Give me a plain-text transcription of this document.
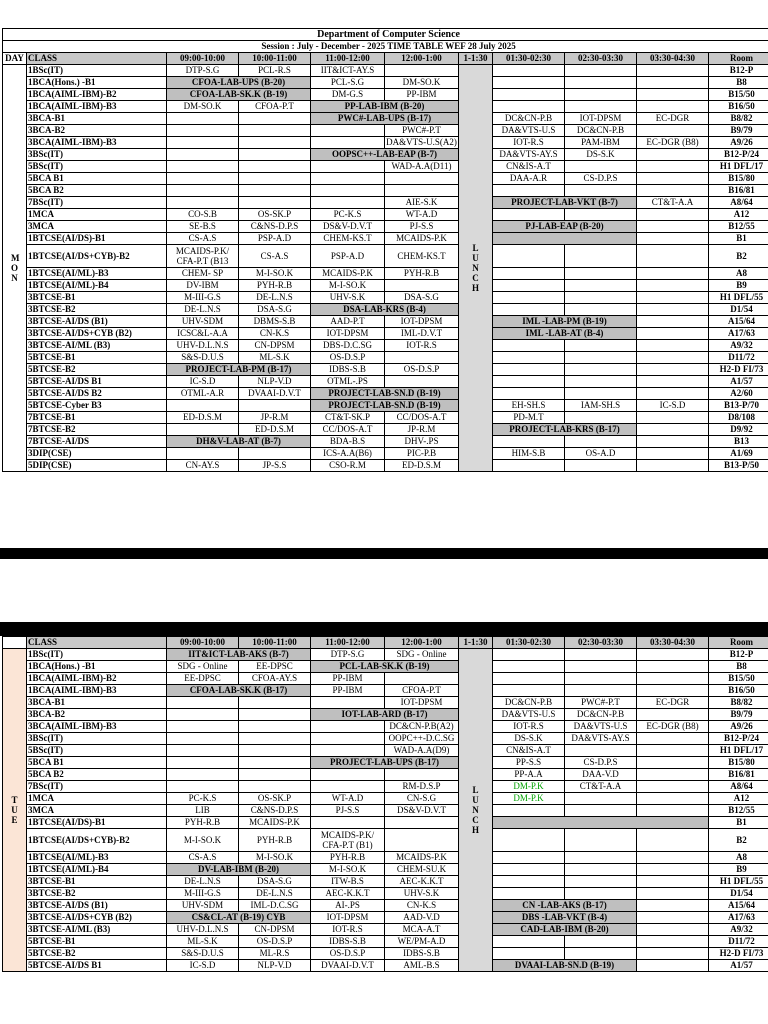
Department of Computer Science										
Session : July - December - 2025 TIME TABLE WEF 28 July 2025										
DAY	CLASS	09:00-10:00	10:00-11:00	11:00-12:00	12:00-1:00	1-1:30	01:30-02:30	02:30-03:30	03:30-04:30	Room

MON	1BSc(IT)	DTP-S.G	PCL-R.S	IIT&ICT-AY.S		LUNCH				B12-P
	1BCA(Hons.) -B1	CFOA-LAB-UPS (B-20)		PCL-S.G	DM-SO.K					B8
	1BCA(AIML-IBM)-B2	CFOA-LAB-SK.K (B-19)		DM-G.S	PP-IBM					B15/50
	1BCA(AIML-IBM)-B3	DM-SO.K	CFOA-P.T	PP-LAB-IBM (B-20)						B16/50
	3BCA-B1			PWC#-LAB-UPS (B-17)			DC&CN-P.B	IOT-DPSM	EC-DGR	B8/82
	3BCA-B2				PWC#-P.T		DA&VTS-U.S	DC&CN-P.B		B9/79
	3BCA(AIML-IBM)-B3				DA&VTS-U.S(A2)		IOT-R.S	PAM-IBM	EC-DGR (B8)	A9/26
	3BSc(IT)			OOPSC++-LAB-EAP (B-7)			DA&VTS-AY.S	DS-S.K		B12-P/24
	5BSc(IT)				WAD-A.A(D11)		CN&IS-A.T			H1 DFL/17
	5BCA B1						DAA-A.R	CS-D.P.S		B15/80
	5BCA B2									B16/81
	7BSc(IT)				AIE-S.K		PROJECT-LAB-VKT (B-7)		CT&T-A.A	A8/64
	1MCA	CO-S.B	OS-SK.P	PC-K.S	WT-A.D					A12
	3MCA	SE-B.S	C&NS-D.P.S	DS&V-D.V.T	PJ-S.S		PJ-LAB-EAP (B-20)			B12/55
	1BTCSE(AI/DS)-B1	CS-A.S	PSP-A.D	CHEM-KS.T	MCAIDS-P.K					B1
	1BTCSE(AI/DS+CYB)-B2	MCAIDS-P.K/ CFA-P.T (B13	CS-A.S	PSP-A.D	CHEM-KS.T					B2
	1BTCSE(AI/ML)-B3	CHEM- SP	M-I-SO.K	MCAIDS-P.K	PYH-R.B					A8
	1BTCSE(AI/ML)-B4	DV-IBM	PYH-R.B	M-I-SO.K						B9
	3BTCSE-B1	M-III-G.S	DE-L.N.S	UHV-S.K	DSA-S.G					H1 DFL/55
	3BTCSE-B2	DE-L.N.S	DSA-S.G	DSA-LAB-KRS (B-4)						D1/54
	3BTCSE-AI/DS (B1)	UHV-SDM	DBMS-S.B	AAD-P.T	IOT-DPSM		IML -LAB-PM (B-19)			A15/64
	3BTCSE-AI/DS+CYB (B2)	ICSC&L-A.A	CN-K.S	IOT-DPSM	IML-D.V.T		IML -LAB-AT (B-4)			A17/63
	3BTCSE-AI/ML (B3)	UHV-D.L.N.S	CN-DPSM	DBS-D.C.SG	IOT-R.S					A9/32
	5BTCSE-B1	S&S-D.U.S	ML-S.K	OS-D.S.P						D11/72
	5BTCSE-B2	PROJECT-LAB-PM (B-17)		IDBS-S.B	OS-D.S.P					H2-D FI/73
	5BTCSE-AI/DS B1	IC-S.D	NLP-V.D	OTML-.PS						A1/57
	5BTCSE-AI/DS B2	OTML-A.R	DVAAI-D.V.T	PROJECT-LAB-SN.D (B-19)						A2/60
	5BTCSE-Cyber B3			PROJECT-LAB-SN.D (B-19)			EH-SH.S	IAM-SH.S	IC-S.D	B13-P/70
	7BTCSE-B1	ED-D.S.M	JP-R.M	CT&T-SK.P	CC/DOS-A.T		PD-M.T			D8/108
	7BTCSE-B2		ED-D.S.M	CC/DOS-A.T	JP-R.M		PROJECT-LAB-KRS (B-17)			D9/92
	7BTCSE-AI/DS	DH&V-LAB-AT (B-7)		BDA-B.S	DHV-.PS					B13
	3DIP(CSE)			ICS-A.A(B6)	PIC-P.B		HIM-S.B	OS-A.D		A1/69
	5DIP(CSE)	CN-AY.S	JP-S.S	CSO-R.M	ED-D.S.M					B13-P/50
	CLASS	09:00-10:00	10:00-11:00	11:00-12:00	12:00-1:00	1-1:30	01:30-02:30	02:30-03:30	03:30-04:30	Room

TUE	1BSc(IT)	IIT&ICT-LAB-AKS (B-7)		DTP-S.G	SDG - Online	LUNCH				B12-P
	1BCA(Hons.) -B1	SDG - Online	EE-DPSC	PCL-LAB-SK.K (B-19)						B8
	1BCA(AIML-IBM)-B2	EE-DPSC	CFOA-AY.S	PP-IBM						B15/50
	1BCA(AIML-IBM)-B3	CFOA-LAB-SK.K (B-17)		PP-IBM	CFOA-P.T					B16/50
	3BCA-B1				IOT-DPSM		DC&CN-P.B	PWC#-P.T	EC-DGR	B8/82
	3BCA-B2			IOT-LAB-ARD (B-17)			DA&VTS-U.S	DC&CN-P.B		B9/79
	3BCA(AIML-IBM)-B3				DC&CN-P.B(A2)		IOT-R.S	DA&VTS-U.S	EC-DGR (B8)	A9/26
	3BSc(IT)				OOPC++-D.C.SG		DS-S.K	DA&VTS-AY.S		B12-P/24
	5BSc(IT)				WAD-A.A(D9)		CN&IS-A.T			H1 DFL/17
	5BCA B1			PROJECT-LAB-UPS (B-17)			PP-S.S	CS-D.P.S		B15/80
	5BCA B2						PP-A.A	DAA-V.D		B16/81
	7BSc(IT)				RM-D.S.P		DM-P.K	CT&T-A.A		A8/64
	1MCA	PC-K.S	OS-SK.P	WT-A.D	CN-S.G		DM-P.K			A12
	3MCA	LIB	C&NS-D.P.S	PJ-S.S	DS&V-D.V.T					B12/55
	1BTCSE(AI/DS)-B1	PYH-R.B	MCAIDS-P.K							B1
	1BTCSE(AI/DS+CYB)-B2	M-I-SO.K	PYH-R.B	MCAIDS-P.K/ CFA-P.T (B1)						B2
	1BTCSE(AI/ML)-B3	CS-A.S	M-I-SO.K	PYH-R.B	MCAIDS-P.K					A8
	1BTCSE(AI/ML)-B4	DV-LAB-IBM (B-20)		M-I-SO.K	CHEM-SU.K					B9
	3BTCSE-B1	DE-L.N.S	DSA-S.G	ITW-B.S	AEC-K.K.T					H1 DFL/55
	3BTCSE-B2	M-III-G.S	DE-L.N.S	AEC-K.K.T	UHV-S.K					D1/54
	3BTCSE-AI/DS (B1)	UHV-SDM	IML-D.C.SG	AI-.PS	CN-K.S		CN -LAB-AKS (B-17)			A15/64
	3BTCSE-AI/DS+CYB (B2)	CS&CL-AT (B-19) CYB		IOT-DPSM	AAD-V.D		DBS -LAB-VKT (B-4)			A17/63
	3BTCSE-AI/ML (B3)	UHV-D.L.N.S	CN-DPSM	IOT-R.S	MCA-A.T		CAD-LAB-IBM (B-20)			A9/32
	5BTCSE-B1	ML-S.K	OS-D.S.P	IDBS-S.B	WE/PM-A.D					D11/72
	5BTCSE-B2	S&S-D.U.S	ML-R.S	OS-D.S.P	IDBS-S.B					H2-D FI/73
	5BTCSE-AI/DS B1	IC-S.D	NLP-V.D	DVAAI-D.V.T	AML-B.S		DVAAI-LAB-SN.D (B-19)			A1/57
